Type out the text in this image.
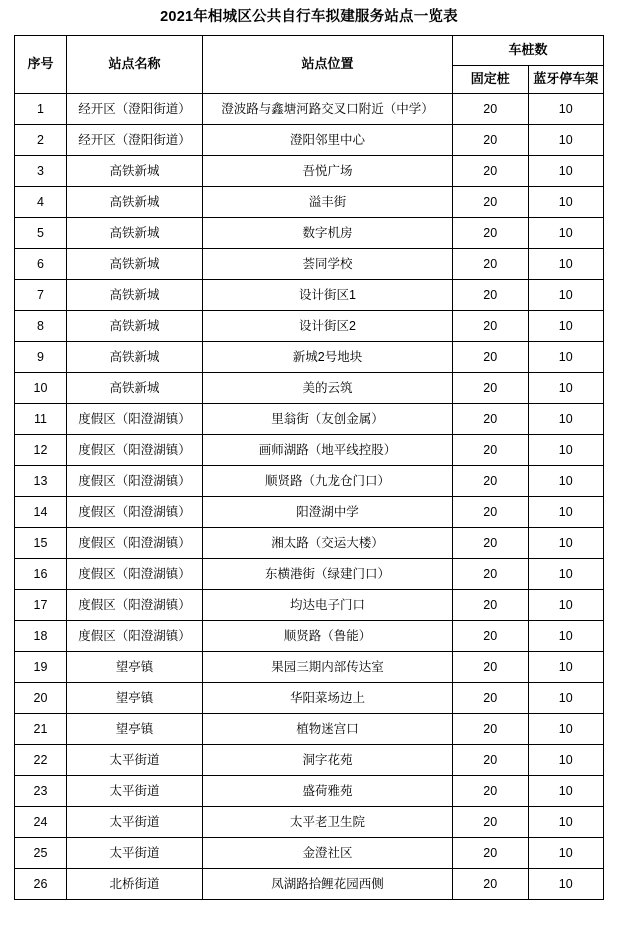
2021年相城区公共自行车拟建服务站点一览表
序号	站点名称	站点位置	车桩数	
			固定桩	蓝牙停车架
1	经开区（澄阳街道）	澄波路与鑫塘河路交叉口附近（中学）	20	10
2	经开区（澄阳街道）	澄阳邻里中心	20	10
3	高铁新城	吾悦广场	20	10
4	高铁新城	溢丰街	20	10
5	高铁新城	数字机房	20	10
6	高铁新城	荟同学校	20	10
7	高铁新城	设计街区1	20	10
8	高铁新城	设计街区2	20	10
9	高铁新城	新城2号地块	20	10
10	高铁新城	美的云筑	20	10
11	度假区（阳澄湖镇）	里翁街（友创金属）	20	10
12	度假区（阳澄湖镇）	画师湖路（地平线控股）	20	10
13	度假区（阳澄湖镇）	顺贤路（九龙仓门口）	20	10
14	度假区（阳澄湖镇）	阳澄湖中学	20	10
15	度假区（阳澄湖镇）	湘太路（交运大楼）	20	10
16	度假区（阳澄湖镇）	东横港街（绿建门口）	20	10
17	度假区（阳澄湖镇）	均达电子门口	20	10
18	度假区（阳澄湖镇）	顺贤路（鲁能）	20	10
19	望亭镇	果园三期内部传达室	20	10
20	望亭镇	华阳菜场边上	20	10
21	望亭镇	植物迷宫口	20	10
22	太平街道	洞字花苑	20	10
23	太平街道	盛荷雅苑	20	10
24	太平街道	太平老卫生院	20	10
25	太平街道	金澄社区	20	10
26	北桥街道	凤湖路拾鲤花园西侧	20	10
